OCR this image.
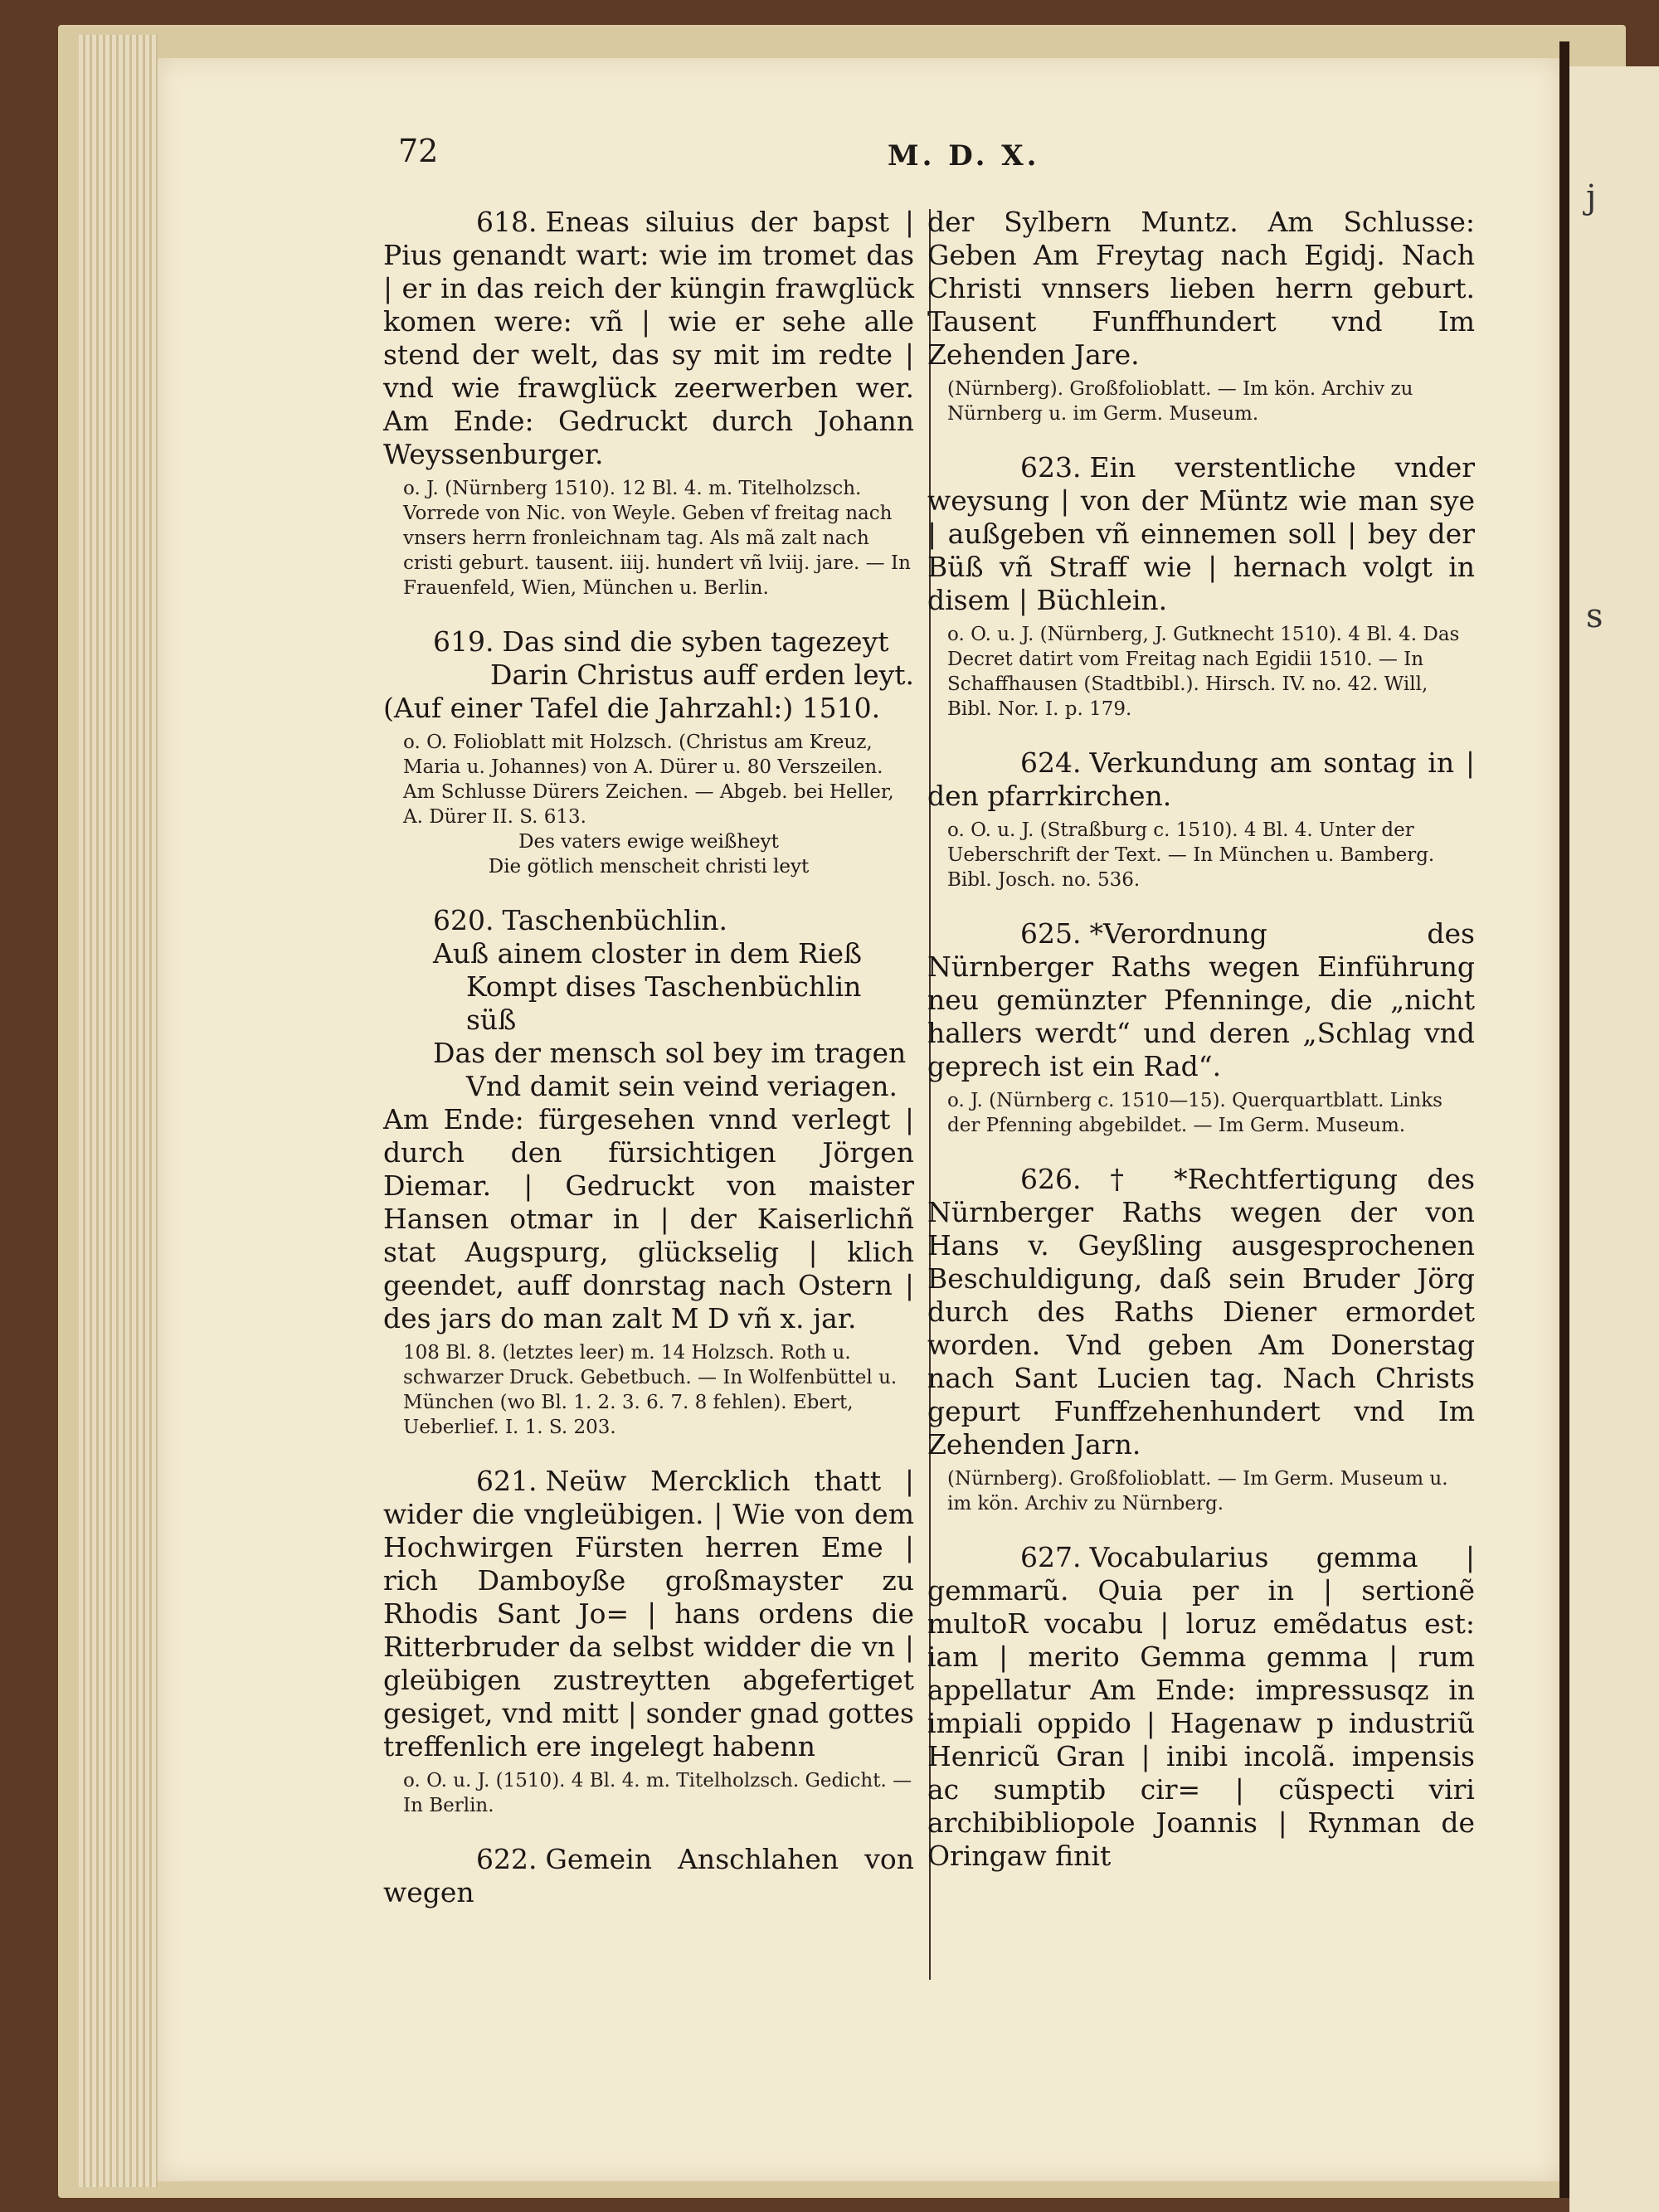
j
s
72	M. D. X.

618. Eneas siluius der bapst | Pius genandt wart: wie im tromet das | er in das reich der küngin frawglück komen were: vñ | wie er sehe alle stend der welt, das sy mit im redte | vnd wie frawglück zeerwerben wer. Am Ende: Gedruckt durch Johann Weyssenburger.

o. J. (Nürnberg 1510). 12 Bl. 4. m. Titelholzsch. Vorrede von Nic. von Weyle. Geben vf freitag nach vnsers herrn fronleichnam tag. Als mã zalt nach cristi geburt. tausent. iiij. hundert vñ lviij. jare. — In Frauenfeld, Wien, München u. Berlin.

619. Das sind die syben tagezeyt
Darin Christus auff erden leyt.
(Auf einer Tafel die Jahrzahl:) 1510.

o. O. Folioblatt mit Holzsch. (Christus am Kreuz, Maria u. Johannes) von A. Dürer u. 80 Verszeilen. Am Schlusse Dürers Zeichen. — Abgeb. bei Heller, A. Dürer II. S. 613.

Des vaters ewige weißheyt
Die götlich menscheit christi leyt
620. Taschenbüchlin.
Auß ainem closter in dem Rieß
Kompt dises Taschenbüchlin süß
Das der mensch sol bey im tragen
Vnd damit sein veind veriagen.

Am Ende: fürgesehen vnnd verlegt | durch den fürsichtigen Jörgen Diemar. | Gedruckt von maister Hansen otmar in | der Kaiserlichñ stat Augspurg, glückselig | klich geendet, auff donrstag nach Ostern | des jars do man zalt M D vñ x. jar.

108 Bl. 8. (letztes leer) m. 14 Holzsch. Roth u. schwarzer Druck. Gebetbuch. — In Wolfenbüttel u. München (wo Bl. 1. 2. 3. 6. 7. 8 fehlen). Ebert, Ueberlief. I. 1. S. 203.

621. Neüw Mercklich thatt | wider die vngleübigen. | Wie von dem Hochwirgen Fürsten herren Eme | rich Damboyße großmayster zu Rhodis Sant Jo= | hans ordens die Ritterbruder da selbst widder die vn | gleübigen zustreytten abgefertiget gesiget, vnd mitt | sonder gnad gottes treffenlich ere ingelegt habenn

o. O. u. J. (1510). 4 Bl. 4. m. Titelholzsch. Gedicht. — In Berlin.

622. Gemein Anschlahen von wegen

der Sylbern Muntz. Am Schlusse: Geben Am Freytag nach Egidj. Nach Christi vnnsers lieben herrn geburt. Tausent Funffhundert vnd Im Zehenden Jare.

(Nürnberg). Großfolioblatt. — Im kön. Archiv zu Nürnberg u. im Germ. Museum.

623. Ein verstentliche vnder weysung | von der Müntz wie man sye | außgeben vñ einnemen soll | bey der Büß vñ Straff wie | hernach volgt in disem | Büchlein.

o. O. u. J. (Nürnberg, J. Gutknecht 1510). 4 Bl. 4. Das Decret datirt vom Freitag nach Egidii 1510. — In Schaffhausen (Stadtbibl.). Hirsch. IV. no. 42. Will, Bibl. Nor. I. p. 179.

624. Verkundung am sontag in | den pfarrkirchen.

o. O. u. J. (Straßburg c. 1510). 4 Bl. 4. Unter der Ueberschrift der Text. — In München u. Bamberg. Bibl. Josch. no. 536.

625. *Verordnung des Nürnberger Raths wegen Einführung neu gemünzter Pfenninge, die „nicht hallers werdt“ und deren „Schlag vnd geprech ist ein Rad“.

o. J. (Nürnberg c. 1510—15). Querquartblatt. Links der Pfenning abgebildet. — Im Germ. Museum.

626. † *Rechtfertigung des Nürnberger Raths wegen der von Hans v. Geyßling ausgesprochenen Beschuldigung, daß sein Bruder Jörg durch des Raths Diener ermordet worden. Vnd geben Am Donerstag nach Sant Lucien tag. Nach Christs gepurt Funffzehenhundert vnd Im Zehenden Jarn.

(Nürnberg). Großfolioblatt. — Im Germ. Museum u. im kön. Archiv zu Nürnberg.

627. Vocabularius gemma | gemmarũ. Quia per in | sertionẽ multoR vocabu | loruz emẽdatus est: iam | merito Gemma gemma | rum appellatur Am Ende: impressusqz in impiali oppido | Hagenaw p industriũ Henricũ Gran | inibi incolã. impensis ac sumptib cir= | cũspecti viri archibibliopole Joannis | Rynman de Oringaw finit
